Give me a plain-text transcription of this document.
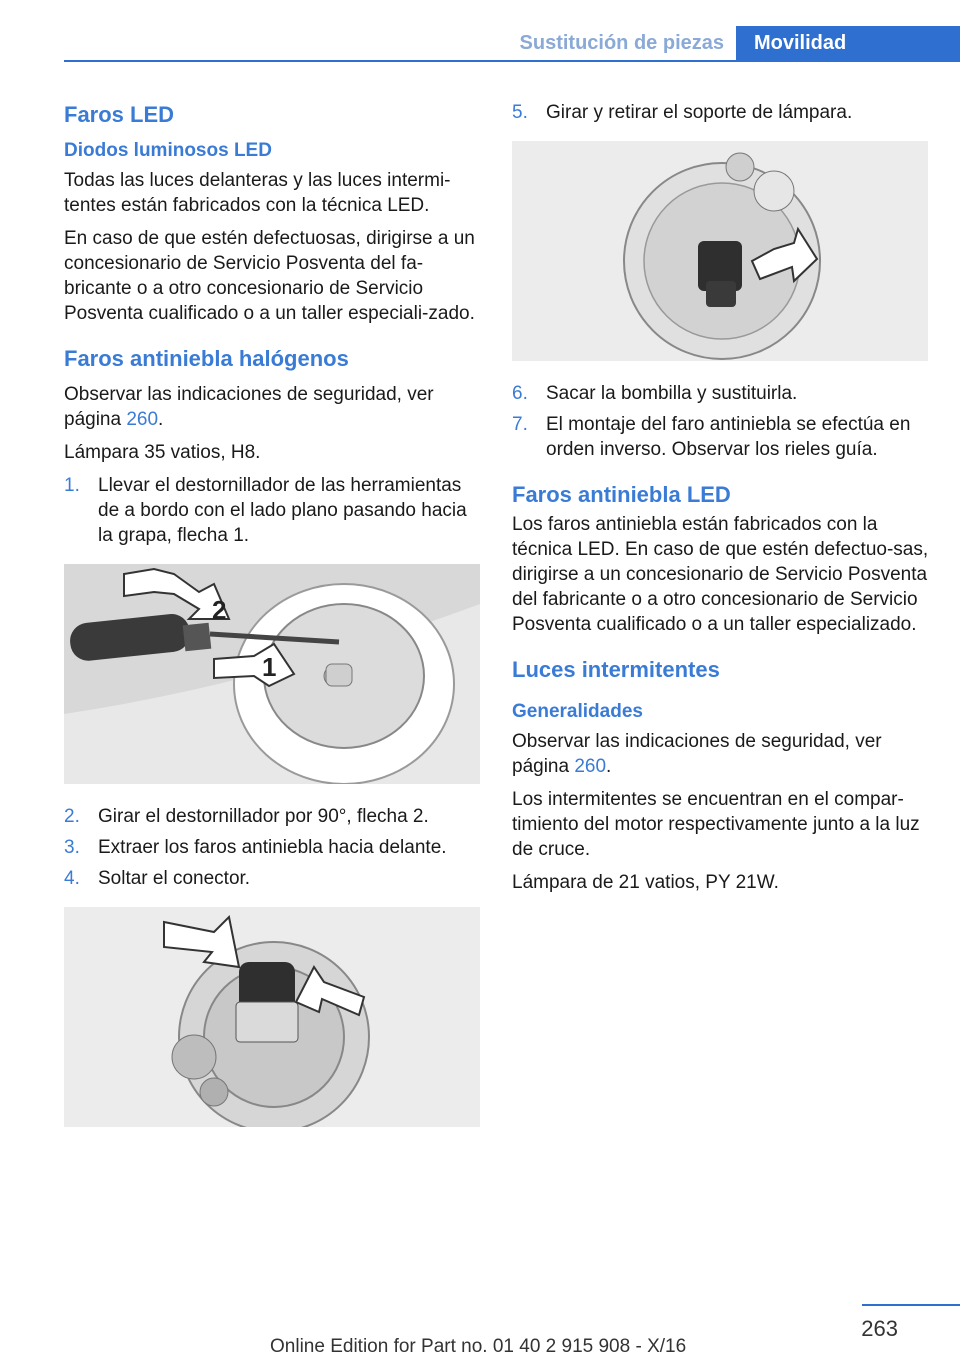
Sustitución de piezas	Movilidad
Faros LED
Diodos luminosos LED

Todas las luces delanteras y las luces intermi-tentes están fabricados con la técnica LED.

En caso de que estén defectuosas, dirigirse a un concesionario de Servicio Posventa del fa-bricante o a otro concesionario de Servicio Posventa cualificado o a un taller especiali-zado.

Faros antiniebla halógenos

Observar las indicaciones de seguridad, ver página 260.

Lámpara 35 vatios, H8.

1. Llevar el destornillador de las herramientas de a bordo con el lado plano pasando hacia la grapa, flecha 1.
2
1
2. Girar el destornillador por 90°, flecha 2.
3. Extraer los faros antiniebla hacia delante.
4. Soltar el conector.
5. Girar y retirar el soporte de lámpara.
6. Sacar la bombilla y sustituirla.
7. El montaje del faro antiniebla se efectúa en orden inverso. Observar los rieles guía.
Faros antiniebla LED

Los faros antiniebla están fabricados con la técnica LED. En caso de que estén defectuo-sas, dirigirse a un concesionario de Servicio Posventa del fabricante o a otro concesionario de Servicio Posventa cualificado o a un taller especializado.

Luces intermitentes
Generalidades

Observar las indicaciones de seguridad, ver página 260.

Los intermitentes se encuentran en el compar-timiento del motor respectivamente junto a la luz de cruce.

Lámpara de 21 vatios, PY 21W.

263
Online Edition for Part no. 01 40 2 915 908 - X/16
